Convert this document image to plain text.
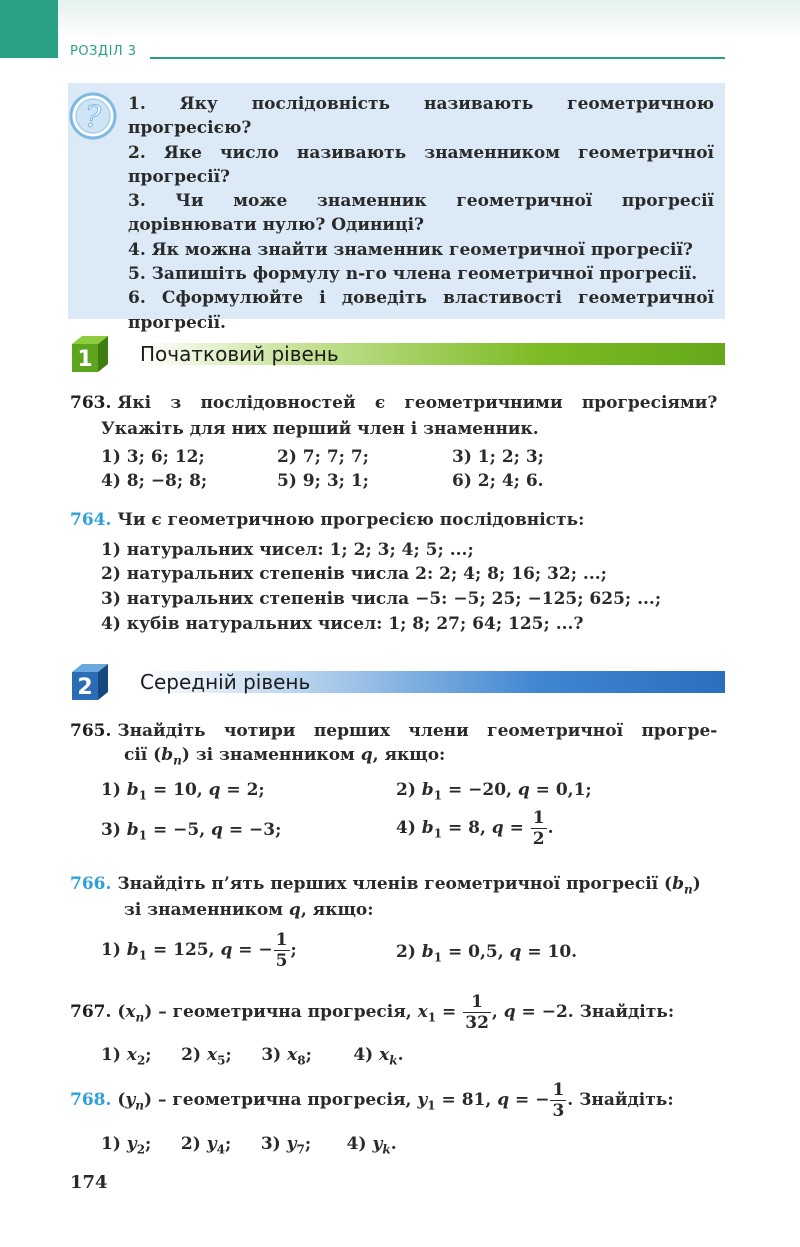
РОЗДІЛ 3
? 1. Яку послідовність називають геометричною прогресією?

2. Яке число називають знаменником геометричної прогресії?

3. Чи може знаменник геометричної прогресії дорівнювати нулю? Одиниці?

4. Як можна знайти знаменник геометричної прогресії?

5. Запишіть формулу n-го члена геометричної прогресії.

6. Сформулюйте і доведіть властивості геометричної прогресії.

1 Початковий рівень
763. Які з послідовностей є геометричними прогресіями?
Укажіть для них перший член і знаменник.
1) 3; 6; 12;	2) 7; 7; 7;	3) 1; 2; 3;
4) 8; −8; 8;	5) 9; 3; 1;	6) 2; 4; 6.
764. Чи є геометричною прогресією послідовність:
1) натуральних чисел: 1; 2; 3; 4; 5; ...;
2) натуральних степенів числа 2: 2; 4; 8; 16; 32; ...;
3) натуральних степенів числа −5: −5; 25; −125; 625; ...;
4) кубів натуральних чисел: 1; 8; 27; 64; 125; ...?
2 Середній рівень
765. Знайдіть чотири перших члени геометричної прогре-
сії $(b_n)$ зі знаменником q, якщо:
1) $b_1 = 10$, q = 2;	2) $b_1 = -20$, q = 0,1;
3) $b_1 = -5$, q = −3;	4) $b_1 = 8$, $q = \frac{1}{2}$ .
766. Знайдіть п’ять перших членів геометричної прогресії $(b_n)$
зі знаменником q, якщо:
1) $b_1 = 125$, q = − $\frac{1}{5}$ ;	2) $b_1 = 0,5$, q = 10.
767. $(x_n)$ – геометрична прогресія, $x_1 = \frac{1}{32}$ , q = −2. Знайдіть:
1) $x_2$;     2) $x_5$;     3) $x_8$;       4) $x_k$.
768. $(y_n)$ – геометрична прогресія, $y_1 = 81$, q = − $\frac{1}{3}$ . Знайдіть:
1) $y_2$;     2) $y_4$;     3) $y_7$;      4) $y_k$.
174
